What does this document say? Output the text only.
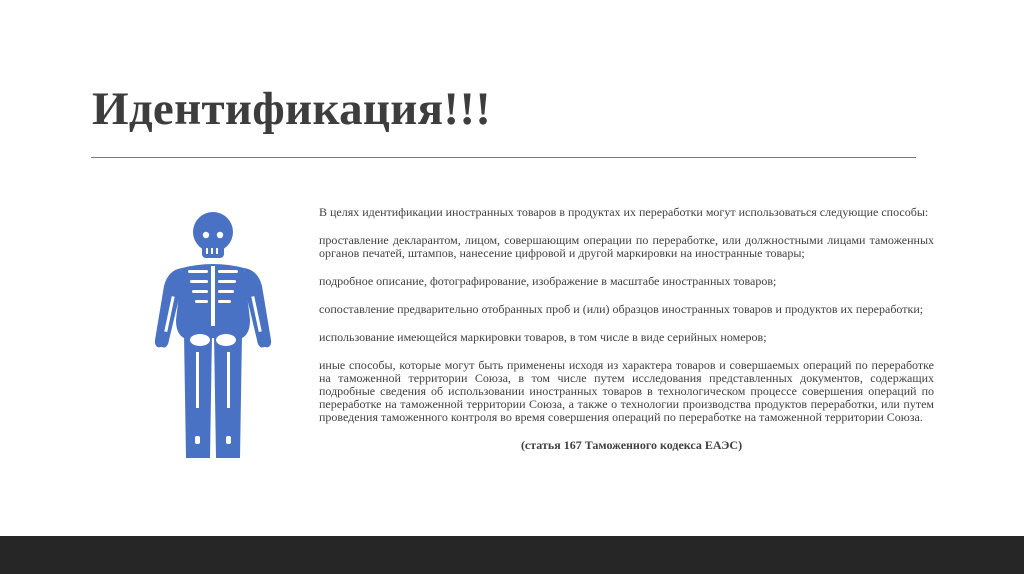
Идентификация!!!

В целях идентификации иностранных товаров в продуктах их переработки могут использоваться следующие способы:

проставление декларантом, лицом, совершающим операции по переработке, или должностными лицами таможенных органов печатей, штампов, нанесение цифровой и другой маркировки на иностранные товары;

подробное описание, фотографирование, изображение в масштабе иностранных товаров;

сопоставление предварительно отобранных проб и (или) образцов иностранных товаров и продуктов их переработки;

использование имеющейся маркировки товаров, в том числе в виде серийных номеров;

иные способы, которые могут быть применены исходя из характера товаров и совершаемых операций по переработке на таможенной территории Союза, в том числе путем исследования представленных документов, содержащих подробные сведения об использовании иностранных товаров в технологическом процессе совершения операций по переработке на таможенной территории Союза, а также о технологии производства продуктов переработки, или путем проведения таможенного контроля во время совершения операций по переработке на таможенной территории Союза.

(статья 167 Таможенного кодекса ЕАЭС)
